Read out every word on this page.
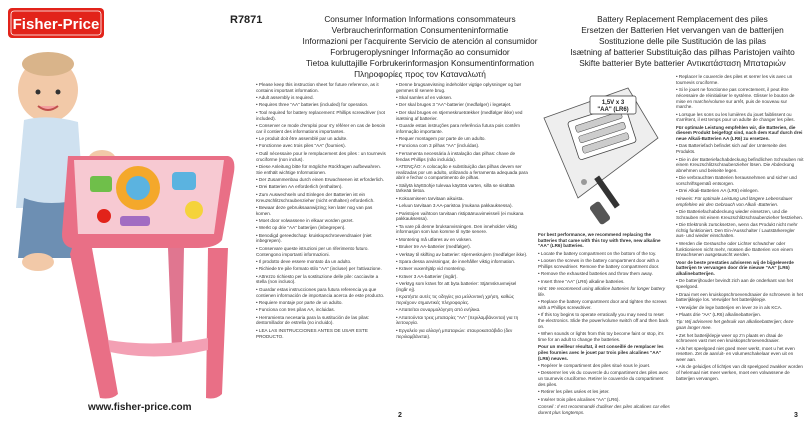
Fisher-Price	R7871	Consumer Information Informations consommateurs
Verbraucherinformation Consumenteninformatie
Informazioni per l'acquirente Servicio de atención al consumidor
Forbrugeroplysninger Informação ao consumidor
Tietoa kuluttajille Forbrukerinformasjon Konsumentinformation
Πληροφορίες προς τον Καταναλωτή
Battery Replacement Remplacement des piles
Ersetzen der Batterien Het vervangen van de batterijen
Sostituzione delle pile Sustitución de las pilas
Isætning af batterier Substituição das pilhas Paristojen vaihto
Skifte batterier Byte batterier Αντικατάσταση Μπαταριών

• Please keep this instruction sheet for future reference, as it contains important information.

• Adult assembly is required.

• Requires three "AA" batteries (included) for operation.

• Tool required for battery replacement: Phillips screwdriver (not included).

• Conserver ce mode d'emploi pour s'y référer en cas de besoin car il contient des informations importantes.

• Le produit doit être assemblé par un adulte.

• Fonctionne avec trois piles "AA" (fournies).

• Outil nécessaire pour le remplacement des piles : un tournevis cruciforme (non inclus).

• Diese Anleitung bitte für mögliche Rückfragen aufbewahren. Sie enthält wichtige Informationen.

• Der Zusammenbau durch einen Erwachsenen ist erforderlich.

• Drei Batterien AA erforderlich (enthalten).

• Zum Auswechseln und Einlegen der Batterien ist ein Kreuzschlitzschraubenzieher (nicht enthalten) erforderlich.

• Bewaar deze gebruiksaanwijzing; ken later nog van pas komen.

• Moet door volwassene in elkaar worden gezet.

• Werkt op drie "AA" batterijen (inbegrepen).

• Benodigd gereedschap: kruiskopschroevendraaier (niet inbegrepen).

• Conservare queste istruzioni per un riferimento futuro. Contengono importanti informazioni.

• Il prodotto deve essere montato da un adulto.

• Richiede tre pile formato stilo "AA" (incluse) per l'attivazione.

• Attrezzo richiesto per la sostituzione delle pile: cacciavite a stella (non incluso).

• Guardar estas instrucciones para futura referencia ya que contienen información de importancia acerca de este producto.

• Requiere montaje por parte de un adulto.

• Funciona con tres pilas AA, incluidas.

• Herramienta necesaria para la sustitución de las pilas: destornillador de estrella (no incluido).

• LEA LAS INSTRUCCIONES ANTES DE USAR ESTE PRODUCTO.

• Denne brugsanvisning indeholder vigtige oplysninger og bør gemmes til senere brug.

• Skal samles af en voksen.

• Der skal bruges 3 "AA"-batterier (medfølger) i legetøjet.

• Der skal bruges en stjerneskruetrækker (medfølger ikke) ved isætning af batterier.

• Guarde estas instruções para referência futura pois contêm informação importante.

• Requer montagem por parte de um adulto.

• Funciona com 3 pilhas "AA" (incluídas).

• Ferramenta necessária à instalação das pilhas: chave de fendas Phillips (não incluída).

• ATENÇÃO: A colocação e substituição das pilhas devem ser realizadas por um adulto, utilizando a ferramenta adequada para abrir e fechar o compartimento de pilhas.

• Säilytä käyttöohje tulevaa käyttöä varten, sillä se sisältää tärkeää tietoa.

• Kokoamiseen tarvitaan aikuista.

• Leluun tarvitaan 3 AA-paristoa (mukana pakkauksessa).

• Paristojen vaihtoon tarvitaan ristipääruuvimeisseli (ei mukana pakkauksessa).

• Ta vare på denne bruksanvisningen. Den inneholder viktig informasjon som kan komme til nytte senere.

• Montering må utføres av en voksen.

• Bruker tre AA-batterier (medfølger).

• Verktøy til skifting av batterier: stjerneskrujern (medfølger ikke).

• Spara dessa anvisningar, de innehåller viktig information.

• Kräver vuxenhjälp vid montering.

• Kräver 3 AA-batterier (ingår).

• Verktyg som krävs för att byta batterier: Stjärnskruvmejsel (ingår ej).

• Κρατήστε αυτές τις οδηγίες για μελλοντική χρήση, καθώς περιέχουν σημαντικές πληροφορίες.

• Απαιτείται συναρμολόγηση από ενήλικα.

• Απαιτούνται τρεις μπαταρίες "AA" (περιλαμβάνονται) για τη λειτουργία.

• Εργαλείο για αλλαγή μπαταριών: σταυροκατσάβιδο (δεν περιλαμβάνεται).

1,5V x 3
"AA" (LR6)

For best performance, we recommend replacing the batteries that came with this toy with three, new alkaline "AA" (LR6) batteries.

• Locate the battery compartment on the bottom of the toy.

• Loosen the screws in the battery compartment door with a Phillips screwdriver. Remove the battery compartment door.

• Remove the exhausted batteries and throw them away.

• Insert three "AA" (LR6) alkaline batteries.

Hint: We recommend using alkaline batteries for longer battery life.

• Replace the battery compartment door and tighten the screws with a Phillips screwdriver.

• If this toy begins to operate erratically you may need to reset the electronics. Slide the power/volume switch off and then back on.

• When sounds or lights from this toy become faint or stop, it's time for an adult to change the batteries.

Pour un meilleur résultat, il est conseillé de remplacer les piles fournies avec le jouet par trois piles alcalines "AA" (LR6) neuves.

• Repérer le compartiment des piles situé sous le jouet.

• Desserrer les vis du couvercle du compartiment des piles avec un tournevis cruciforme. Retirer le couvercle du compartiment des piles.

• Retirer les piles usées et les jeter.

• Insérer trois piles alcalines "AA" (LR6).

Conseil : Il est recommandé d'utiliser des piles alcalines car elles durent plus longtemps.

• Replacer le couvercle des piles et serrer les vis avec un tournevis cruciforme.

• Si le jouet ne fonctionne pas correctement, il peut être nécessaire de réinitialiser le système. Glisser le bouton de mise en marche/volume sur arrêt, puis de nouveau sur marche.

• Lorsque les sons ou les lumières du jouet faiblissent ou s'arrêtent, il est temps pour un adulte de changer les piles.

Für optimale Leistung empfehlen wir, die Batterien, die diesem Produkt beigefügt sind, nach dem Kauf durch drei neue Alkali-Batterien AA (LR6) zu ersetzen.

• Das Batteriefach befindet sich auf der Unterseite des Produkts.

• Die in der Batteriefachabdeckung befindlichen Schrauben mit einem Kreuzschlitzschraubenzieher lösen. Die Abdeckung abnehmen und beiseite legen.

• Die verbrauchten Batterien herausnehmen und sicher und vorschriftsgemäß entsorgen.

• Drei Alkali-Batterien AA (LR6) einlegen.

Hinweis: Für optimale Leistung und längere Lebensdauer empfehlen wir den Gebrauch von Alkali -Batterien.

• Die Batteriefachabdeckung wieder einsetzen, und die Schrauben mit einem Kreuzschlitzschraubenzieher festziehen.

• Die Elektronik zurücksetzen, wenn das Produkt nicht mehr richtig funktioniert. Den Ein-/Ausschalter / Lautstärkeregler aus- und wieder einschalten.

• Werden die Geräusche oder Lichter schwächer oder funktionieren nicht mehr, müssen die Batterien von einem Erwachsenen ausgetauscht werden.

Voor de beste prestaties adviseren wij de bijgeleverde batterijen te vervangen door drie nieuwe "AA" (LR6) alkalinebatterijen.

• De batterijhouder bevindt zich aan de onderkant van het speelgoed.

• Draai met een kruiskopschroevendraaier de schroeven in het batterijklepje los. Verwijder het batterijklepje.

• Verwijder de lege batterijen en lever ze in als KCA.

• Plaats drie "AA" (LR6) alkalinebatterijen.

Tip: Wij adviseren het gebruik van alkalinebatterijen; deze gaan langer mee.

• Zet het batterijklepje weer op z'n plaats en draai de schroeven vast met een kruiskopschroevendraaier.

• Als het speelgoed niet goed meer werkt, moet u het even resetten. Zet de aan/uit- en volumeschakelaar even uit en weer aan.

• Als de geluidjes of lichtjes van dit speelgoed zwakker worden of helemaal niet meer werken, moet een volwassene de batterijen vervangen.

www.fisher-price.com
2	3
